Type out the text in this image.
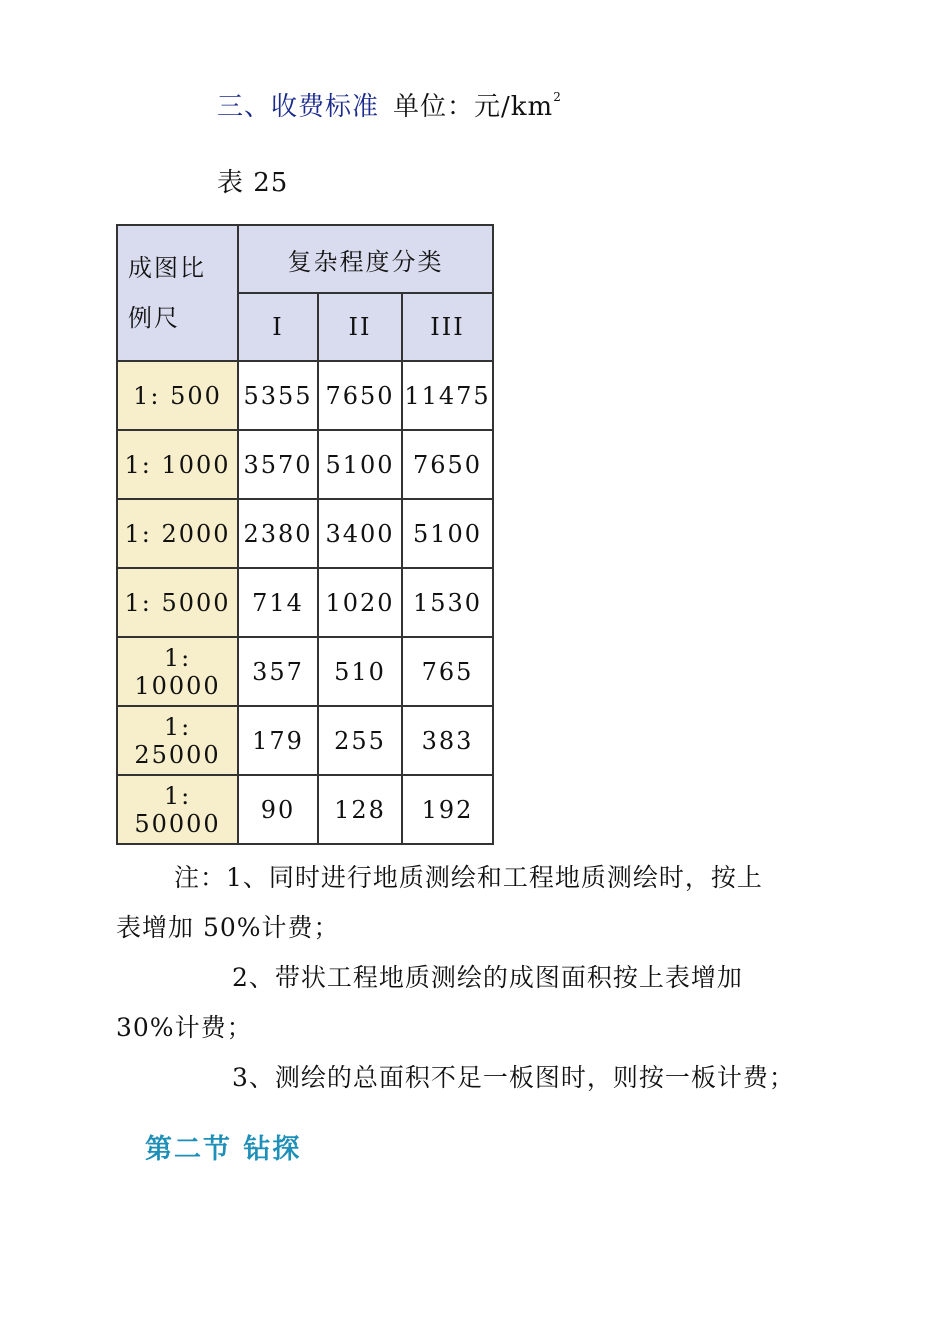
三、收费标准 单位：元$/km^2$
表 25
成图比
例尺	复杂程度分类		
	I	II	III
1: 500	5355	7650	11475
1: 1000	3570	5100	7650
1: 2000	2380	3400	5100
1: 5000	714	1020	1530
1: 10000	357	510	765
1: 25000	179	255	383
1: 50000	90	128	192
注：1、同时进行地质测绘和工程地质测绘时，按上
表增加 50%计费；
2、带状工程地质测绘的成图面积按上表增加
30%计费；
3、测绘的总面积不足一板图时，则按一板计费；
第二节 钻探
